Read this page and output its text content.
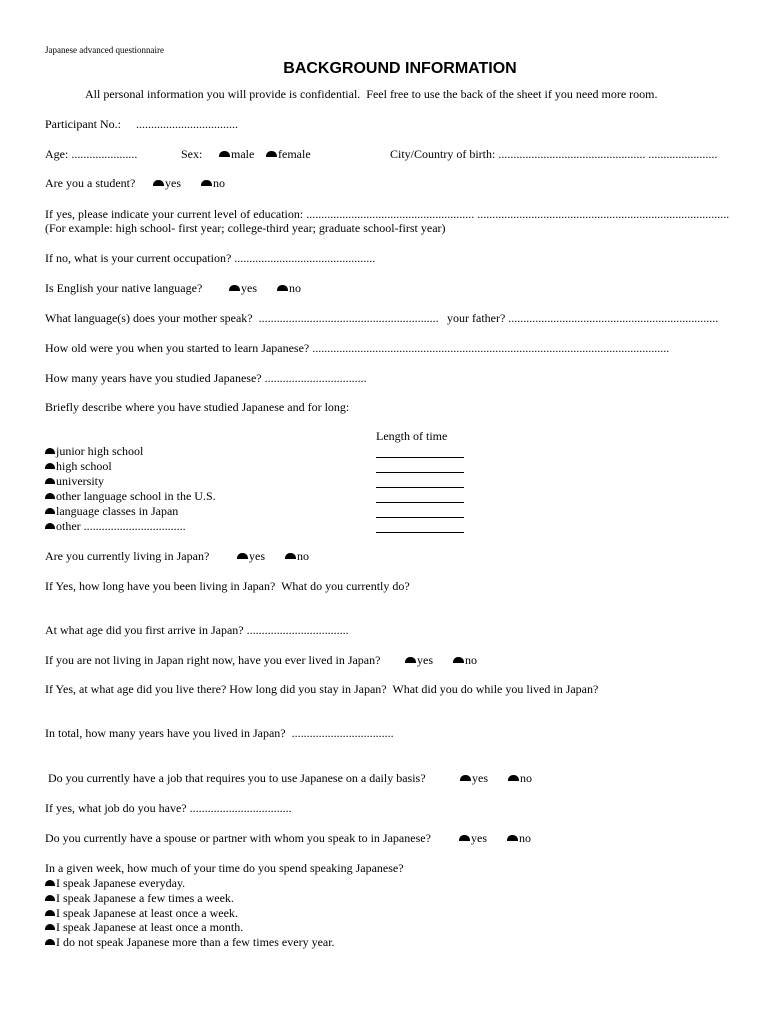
Japanese advanced questionnaire
BACKGROUND INFORMATION
All personal information you will provide is confidential.  Feel free to use the back of the sheet if you need more room.
Participant No.:     ..................................
Age: ......................	Sex:	male	female	City/Country of birth: ................................................. .......................
Are you a student?	yes	no
If yes, please indicate your current level of education: ........................................................ ....................................................................................
(For example: high school- first year; college-third year; graduate school-first year)
If no, what is your current occupation? ...............................................
Is English your native language?	yes	no
What language(s) does your mother speak?  ............................................................ your father? ......................................................................
How old were you when you started to learn Japanese? .......................................................................................................................
How many years have you studied Japanese? ..................................
Briefly describe where you have studied Japanese and for long:
Length of time
junior high school
high school
university
other language school in the U.S.
language classes in Japan
other ..................................
Are you currently living in Japan?	yes	no
If Yes, how long have you been living in Japan?  What do you currently do?
At what age did you first arrive in Japan? ..................................
If you are not living in Japan right now, have you ever lived in Japan?	yes	no
If Yes, at what age did you live there? How long did you stay in Japan?  What did you do while you lived in Japan?
In total, how many years have you lived in Japan?  ..................................
Do you currently have a job that requires you to use Japanese on a daily basis?	yes	no
If yes, what job do you have? ..................................
Do you currently have a spouse or partner with whom you speak to in Japanese?	yes	no
In a given week, how much of your time do you spend speaking Japanese?
I speak Japanese everyday.
I speak Japanese a few times a week.
I speak Japanese at least once a week.
I speak Japanese at least once a month.
I do not speak Japanese more than a few times every year.
